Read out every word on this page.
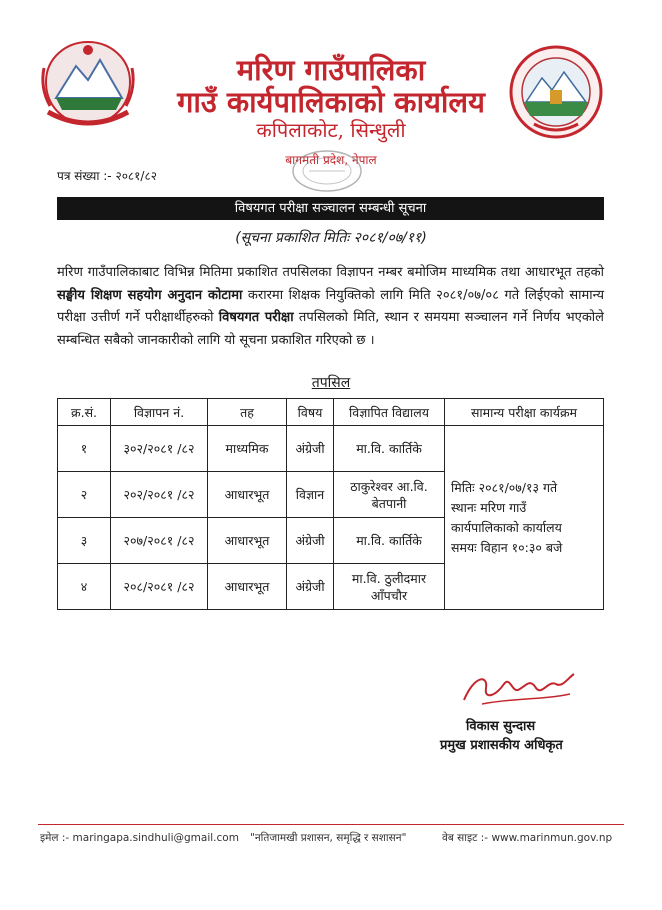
मरिण गाउँपालिका
गाउँ कार्यपालिकाको कार्यालय
कपिलाकोट, सिन्धुली
बागमती प्रदेश, नेपाल
पत्र संख्या :- २०८१/८२
विषयगत परीक्षा सञ्चालन सम्बन्धी सूचना
(सूचना प्रकाशित मितिः २०८१/०७/११)
मरिण गाउँपालिकाबाट विभिन्न मितिमा प्रकाशित तपसिलका विज्ञापन नम्बर बमोजिम माध्यमिक तथा आधारभूत तहको सङ्घीय शिक्षण सहयोग अनुदान कोटामा करारमा शिक्षक नियुक्तिको लागि मिति २०८१/०७/०८ गते लिईएको सामान्य परीक्षा उत्तीर्ण गर्ने परीक्षार्थीहरुको विषयगत परीक्षा तपसिलको मिति, स्थान र समयमा सञ्चालन गर्ने निर्णय भएकोले सम्बन्धित सबैको जानकारीको लागि यो सूचना प्रकाशित गरिएको छ ।
तपसिल
क्र.सं.	विज्ञापन नं.	तह	विषय	विज्ञापित विद्यालय	सामान्य परीक्षा कार्यक्रम
१	३०२/२०८१ /८२	माध्यमिक	अंग्रेजी	मा.वि. कार्तिके	मितिः २०८१/०७/१३ गते
स्थानः मरिण गाउँ कार्यपालिकाको कार्यालय
समयः विहान १०:३० बजे

२	२०२/२०८१ /८२	आधारभूत	विज्ञान	ठाकुरेश्वर आ.वि. बेतपानी	
३	२०७/२०८१ /८२	आधारभूत	अंग्रेजी	मा.वि. कार्तिके	
४	२०८/२०८१ /८२	आधारभूत	अंग्रेजी	मा.वि. ठुलीदमार आँपचौर	
विकास सुन्दास
प्रमुख प्रशासकीय अधिकृत
इमेल :- maringapa.sindhuli@gmail.com "नतिजामखी प्रशासन, समृद्धि र सशासन"	वेब साइट :- www.marinmun.gov.np
